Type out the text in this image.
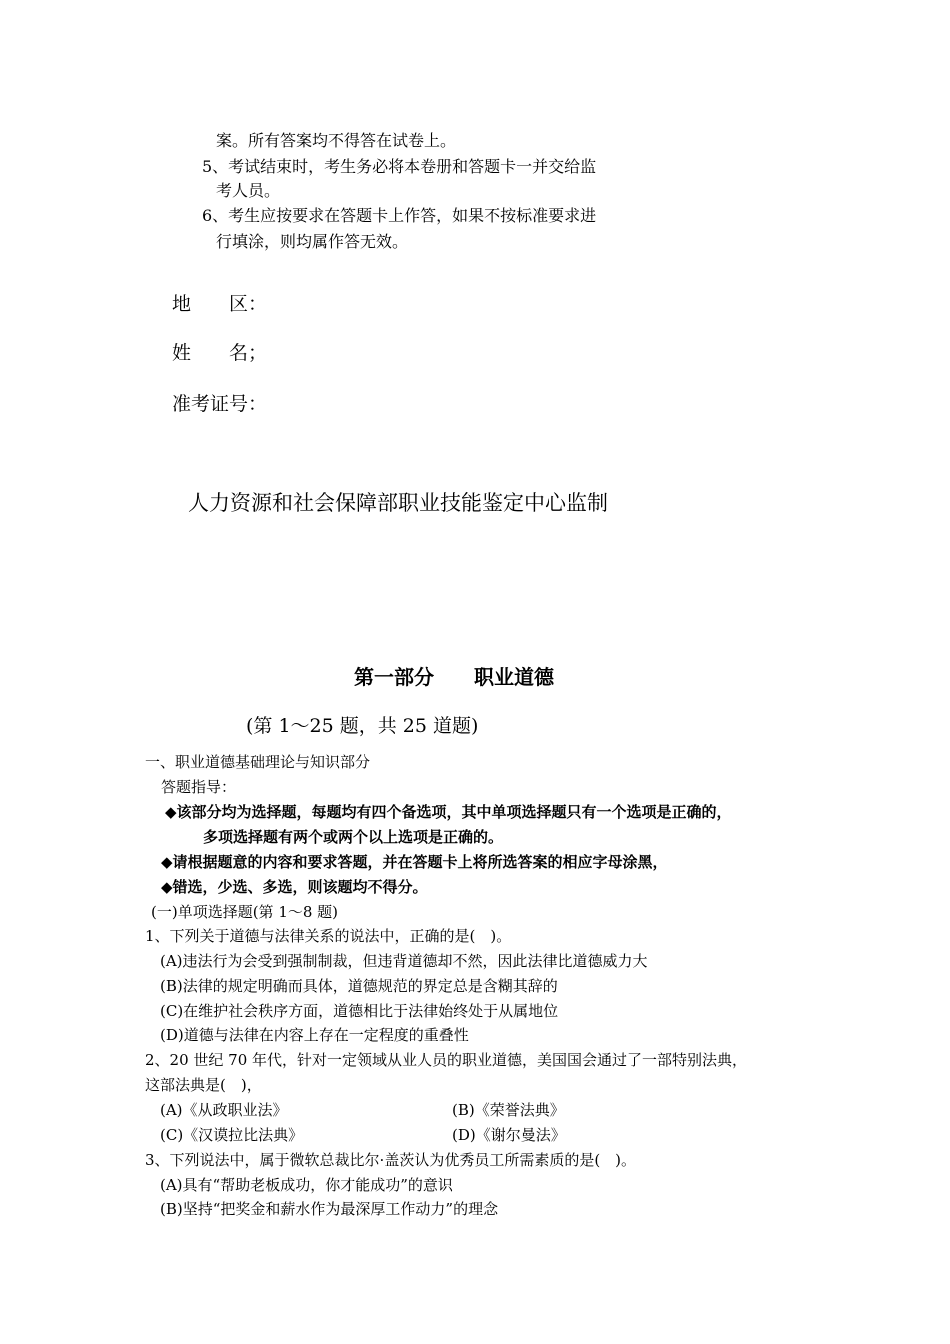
案。所有答案均不得答在试卷上。
5、考试结束时，考生务必将本卷册和答题卡一并交给监
考人员。
6、考生应按要求在答题卡上作答，如果不按标准要求进
行填涂，则均属作答无效。
地　　区：
姓　　名；
准考证号：
人力资源和社会保障部职业技能鉴定中心监制
第一部分　　职业道德
(第 1～25 题，共 25 道题)
一、职业道德基础理论与知识部分
答题指导：
◆该部分均为选择题，每题均有四个备选项，其中单项选择题只有一个选项是正确的，
多项选择题有两个或两个以上选项是正确的。
◆请根据题意的内容和要求答题，并在答题卡上将所选答案的相应字母涂黑，
◆错选，少选、多选，则该题均不得分。
(一)单项选择题(第 1～8 题)
1、下列关于道德与法律关系的说法中，正确的是(　)。
(A)违法行为会受到强制制裁，但违背道德却不然，因此法律比道德威力大
(B)法律的规定明确而具体，道德规范的界定总是含糊其辞的
(C)在维护社会秩序方面，道德相比于法律始终处于从属地位
(D)道德与法律在内容上存在一定程度的重叠性
2、20 世纪 70 年代，针对一定领域从业人员的职业道德，美国国会通过了一部特别法典，
这部法典是(　)，
(A)《从政职业法》	(B)《荣誉法典》
(C)《汉谟拉比法典》	(D)《谢尔曼法》
3、下列说法中，属于微软总裁比尔·盖茨认为优秀员工所需素质的是(　)。
(A)具有“帮助老板成功，你才能成功”的意识
(B)坚持“把奖金和薪水作为最深厚工作动力”的理念
